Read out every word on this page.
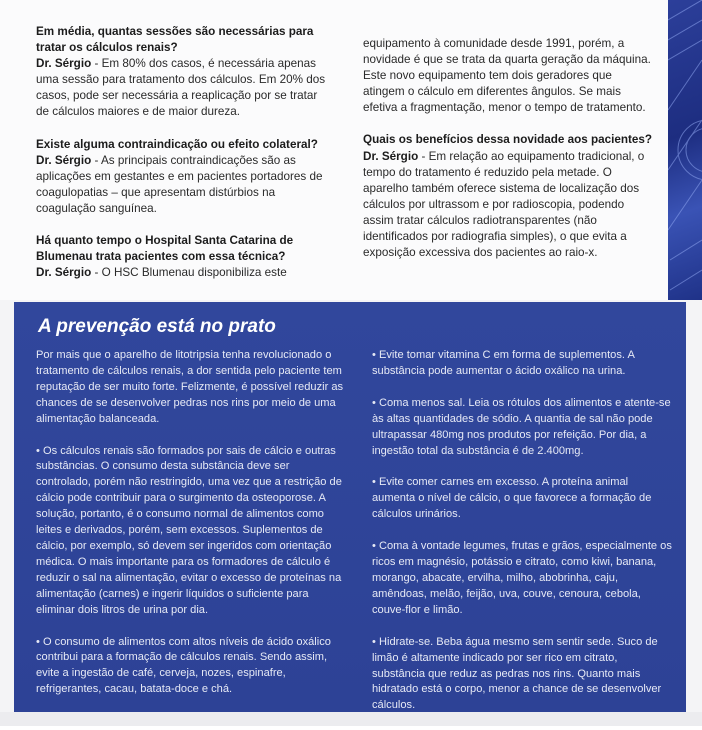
Em média, quantas sessões são necessárias para tratar os cálculos renais?
Dr. Sérgio - Em 80% dos casos, é necessária apenas uma sessão para tratamento dos cálculos. Em 20% dos casos, pode ser necessária a reaplicação por se tratar de cálculos maiores e de maior dureza.
Existe alguma contraindicação ou efeito colateral?
Dr. Sérgio - As principais contraindicações são as aplicações em gestantes e em pacientes portadores de coagulopatias – que apresentam distúrbios na coagulação sanguínea.
Há quanto tempo o Hospital Santa Catarina de Blumenau trata pacientes com essa técnica?
Dr. Sérgio - O HSC Blumenau disponibiliza este
equipamento à comunidade desde 1991, porém, a novidade é que se trata da quarta geração da máquina. Este novo equipamento tem dois geradores que atingem o cálculo em diferentes ângulos. Se mais efetiva a fragmentação, menor o tempo de tratamento.
Quais os benefícios dessa novidade aos pacientes?
Dr. Sérgio - Em relação ao equipamento tradicional, o tempo do tratamento é reduzido pela metade. O aparelho também oferece sistema de localização dos cálculos por ultrassom e por radioscopia, podendo assim tratar cálculos radiotransparentes (não identificados por radiografia simples), o que evita a exposição excessiva dos pacientes ao raio-x.
A prevenção está no prato
Por mais que o aparelho de litotripsia tenha revolucionado o tratamento de cálculos renais, a dor sentida pelo paciente tem reputação de ser muito forte. Felizmente, é possível reduzir as chances de se desenvolver pedras nos rins por meio de uma alimentação balanceada.
• Os cálculos renais são formados por sais de cálcio e outras substâncias. O consumo desta substância deve ser controlado, porém não restringido, uma vez que a restrição de cálcio pode contribuir para o surgimento da osteoporose. A solução, portanto, é o consumo normal de alimentos como leites e derivados, porém, sem excessos. Suplementos de cálcio, por exemplo, só devem ser ingeridos com orientação médica. O mais importante para os formadores de cálculo é reduzir o sal na alimentação, evitar o excesso de proteínas na alimentação (carnes) e ingerir líquidos o suficiente para eliminar dois litros de urina por dia.
• O consumo de alimentos com altos níveis de ácido oxálico contribui para a formação de cálculos renais. Sendo assim, evite a ingestão de café, cerveja, nozes, espinafre, refrigerantes, cacau, batata-doce e chá.
• Evite tomar vitamina C em forma de suplementos. A substância pode aumentar o ácido oxálico na urina.
• Coma menos sal. Leia os rótulos dos alimentos e atente-se às altas quantidades de sódio. A quantia de sal não pode ultrapassar 480mg nos produtos por refeição. Por dia, a ingestão total da substância é de 2.400mg.
• Evite comer carnes em excesso. A proteína animal aumenta o nível de cálcio, o que favorece a formação de cálculos urinários.
• Coma à vontade legumes, frutas e grãos, especialmente os ricos em magnésio, potássio e citrato, como kiwi, banana, morango, abacate, ervilha, milho, abobrinha, caju, amêndoas, melão, feijão, uva, couve, cenoura, cebola, couve-flor e limão.
• Hidrate-se. Beba água mesmo sem sentir sede. Suco de limão é altamente indicado por ser rico em citrato, substância que reduz as pedras nos rins. Quanto mais hidratado está o corpo, menor a chance de se desenvolver cálculos.
